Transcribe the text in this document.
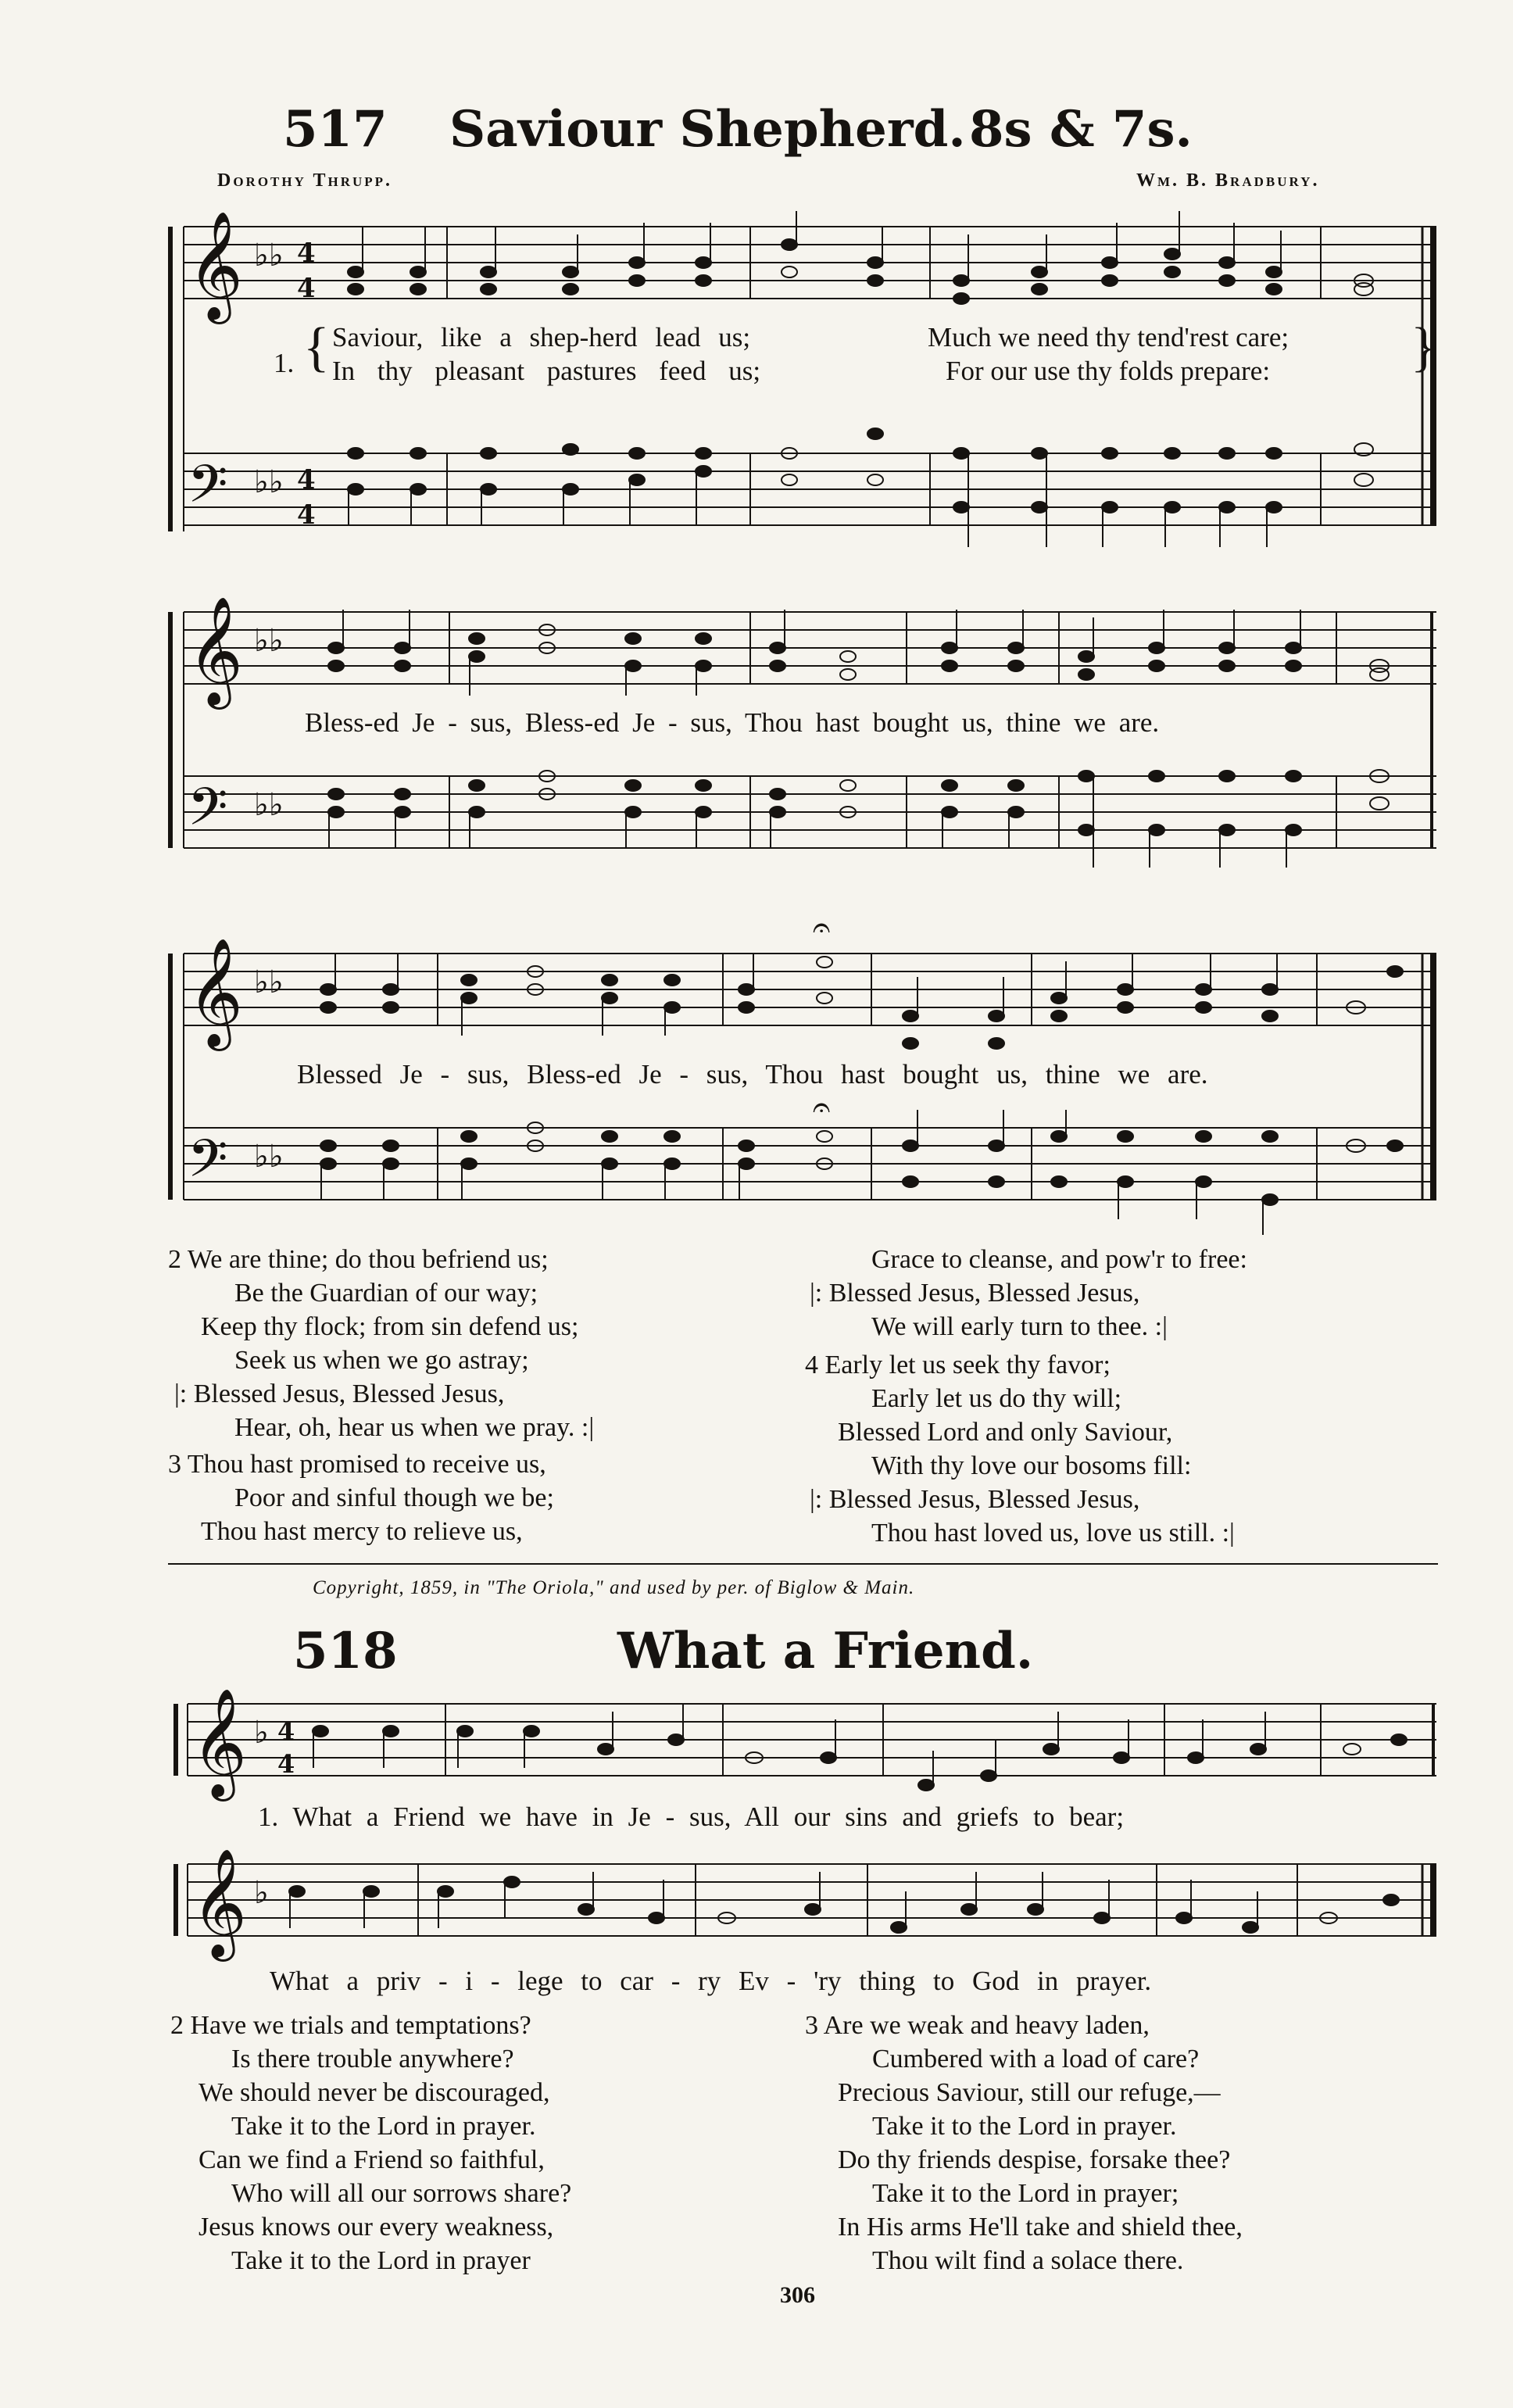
517 Saviour Shepherd. 8s & 7s.
Dorothy Thrupp.	Wm. B. Bradbury.
𝄞
𝄢
♭♭
♭♭
4
4
4
4
1. { Saviour, like a shep-herd lead us;	Much we need thy tend'rest care;
In thy pleasant pastures feed us;	For our use thy folds prepare:	}
𝄞
𝄢
♭♭
♭♭
Bless-ed Je - sus, Bless-ed Je - sus, Thou hast bought us, thine we are.
𝄞
𝄢
♭♭
♭♭
𝄐
𝄐
Blessed Je - sus, Bless-ed Je - sus, Thou hast bought us, thine we are.
2 We are thine; do thou befriend us;
Be the Guardian of our way;
Keep thy flock; from sin defend us;
Seek us when we go astray;
|: Blessed Jesus, Blessed Jesus,
Hear, oh, hear us when we pray. :|
3 Thou hast promised to receive us,
Poor and sinful though we be;
Thou hast mercy to relieve us,
Grace to cleanse, and pow'r to free:
|: Blessed Jesus, Blessed Jesus,
We will early turn to thee. :|
4 Early let us seek thy favor;
Early let us do thy will;
Blessed Lord and only Saviour,
With thy love our bosoms fill:
|: Blessed Jesus, Blessed Jesus,
Thou hast loved us, love us still. :|
Copyright, 1859, in "The Oriola," and used by per. of Biglow & Main.
518	What a Friend.
𝄞 ♭ 4
4
1. What a Friend we have in Je - sus, All our sins and griefs to bear;
𝄞 ♭
What a priv - i - lege to car - ry Ev - 'ry thing to God in prayer.
2 Have we trials and temptations?
Is there trouble anywhere?
We should never be discouraged,
Take it to the Lord in prayer.
Can we find a Friend so faithful,
Who will all our sorrows share?
Jesus knows our every weakness,
Take it to the Lord in prayer
3 Are we weak and heavy laden,
Cumbered with a load of care?
Precious Saviour, still our refuge,—
Take it to the Lord in prayer.
Do thy friends despise, forsake thee?
Take it to the Lord in prayer;
In His arms He'll take and shield thee,
Thou wilt find a solace there.
306
